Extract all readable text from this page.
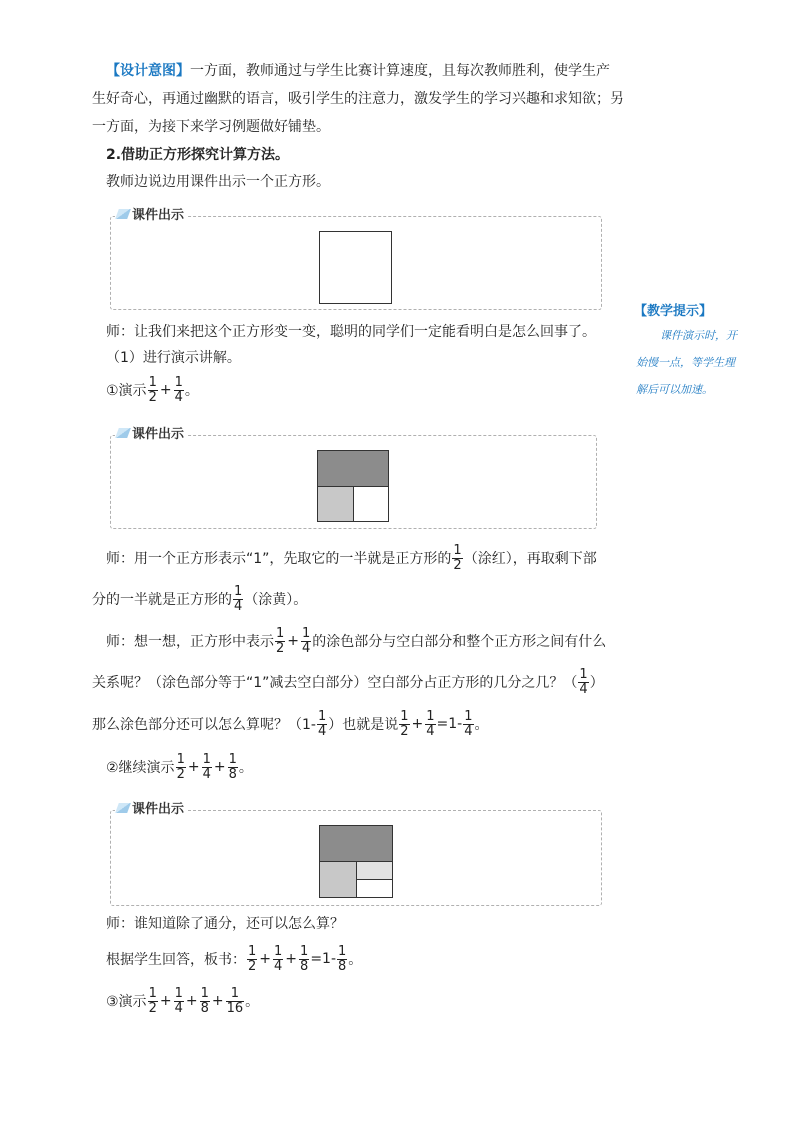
【设计意图】一方面，教师通过与学生比赛计算速度，且每次教师胜利，使学生产
生好奇心，再通过幽默的语言，吸引学生的注意力，激发学生的学习兴趣和求知欲；另
一方面，为接下来学习例题做好铺垫。
2.借助正方形探究计算方法。
教师边说边用课件出示一个正方形。
课件出示
师：让我们来把这个正方形变一变，聪明的同学们一定能看明白是怎么回事了。
（1）进行演示讲解。
①演示 $\frac{1}{2} + \frac{1}{4}$ 。
课件出示
师：用一个正方形表示“1”，先取它的一半就是正方形的 $\frac{1}{2}$ （涂红），再取剩下部
分的一半就是正方形的 $\frac{1}{4}$ （涂黄）。
师：想一想，正方形中表示 $\frac{1}{2} + \frac{1}{4}$ 的涂色部分与空白部分和整个正方形之间有什么
关系呢？（涂色部分等于“1”减去空白部分）空白部分占正方形的几分之几？（ $\frac{1}{4}$ ）
那么涂色部分还可以怎么算呢？（$1- \frac{1}{4}$ ）也就是说 $\frac{1}{2} + \frac{1}{4} =1- \frac{1}{4}$ 。
②继续演示 $\frac{1}{2} + \frac{1}{4} + \frac{1}{8}$ 。
课件出示
师：谁知道除了通分，还可以怎么算？
根据学生回答，板书： $\frac{1}{2} + \frac{1}{4} + \frac{1}{8} =1- \frac{1}{8}$ 。
③演示 $\frac{1}{2} + \frac{1}{4} + \frac{1}{8} + \frac{1}{16}$ 。
【教学提示】
课件演示时，开
始慢一点，等学生理
解后可以加速。
